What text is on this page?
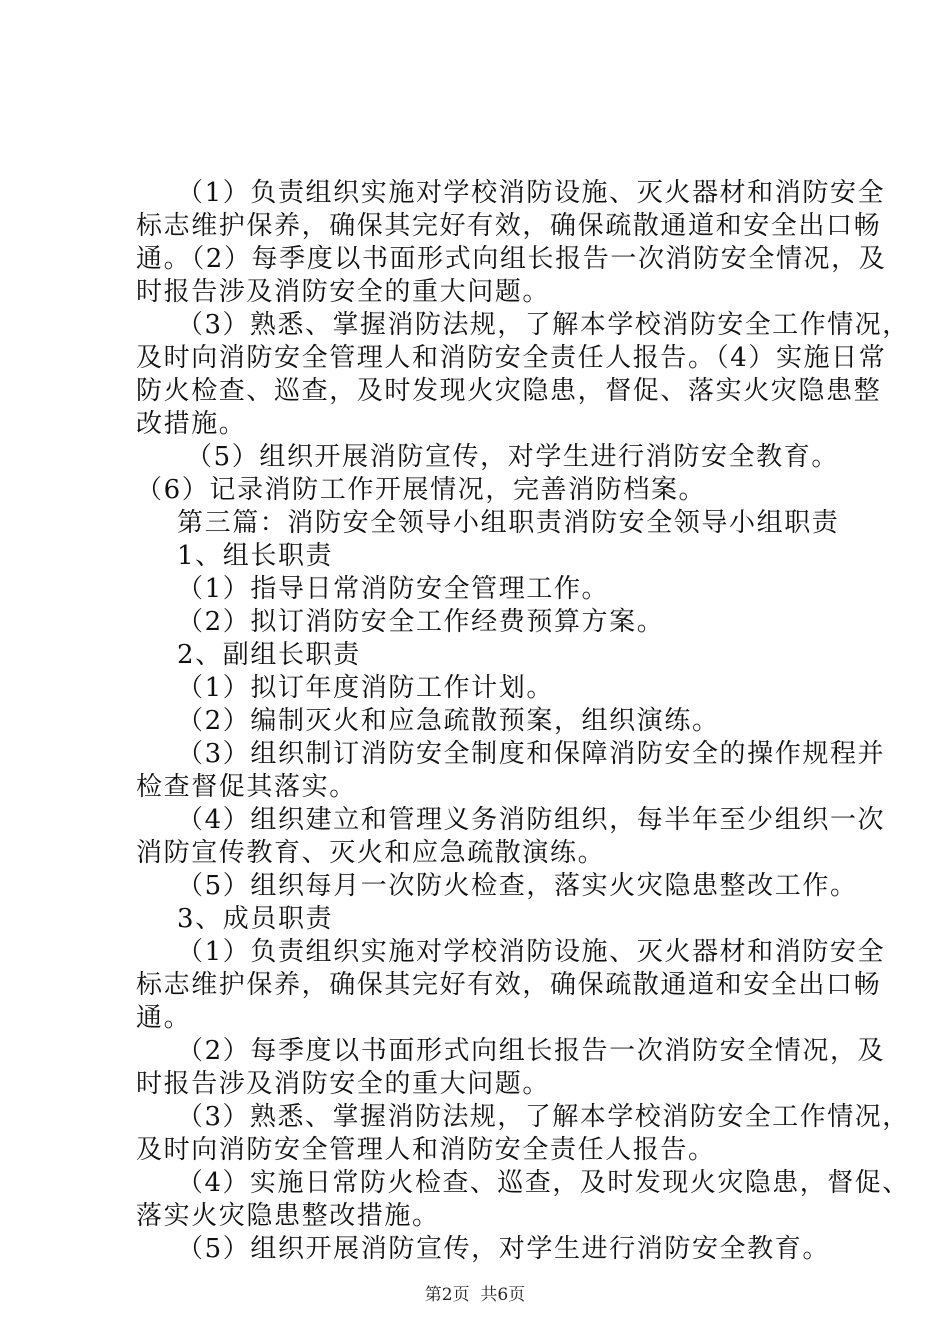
（1）负责组织实施对学校消防设施、灭火器材和消防安全
标志维护保养，确保其完好有效，确保疏散通道和安全出口畅
通。（2）每季度以书面形式向组长报告一次消防安全情况，及
时报告涉及消防安全的重大问题。
（3）熟悉、掌握消防法规，了解本学校消防安全工作情况，
及时向消防安全管理人和消防安全责任人报告。（4）实施日常
防火检查、巡查，及时发现火灾隐患，督促、落实火灾隐患整
改措施。
（5）组织开展消防宣传，对学生进行消防安全教育。
（6）记录消防工作开展情况，完善消防档案。
第三篇：消防安全领导小组职责消防安全领导小组职责
1、组长职责
（1）指导日常消防安全管理工作。
（2）拟订消防安全工作经费预算方案。
2、副组长职责
（1）拟订年度消防工作计划。
（2）编制灭火和应急疏散预案，组织演练。
（3）组织制订消防安全制度和保障消防安全的操作规程并
检查督促其落实。
（4）组织建立和管理义务消防组织，每半年至少组织一次
消防宣传教育、灭火和应急疏散演练。
（5）组织每月一次防火检查，落实火灾隐患整改工作。
3、成员职责
（1）负责组织实施对学校消防设施、灭火器材和消防安全
标志维护保养，确保其完好有效，确保疏散通道和安全出口畅
通。
（2）每季度以书面形式向组长报告一次消防安全情况，及
时报告涉及消防安全的重大问题。
（3）熟悉、掌握消防法规，了解本学校消防安全工作情况，
及时向消防安全管理人和消防安全责任人报告。
（4）实施日常防火检查、巡查，及时发现火灾隐患，督促、
落实火灾隐患整改措施。
（5）组织开展消防宣传，对学生进行消防安全教育。
第2页  共6页
